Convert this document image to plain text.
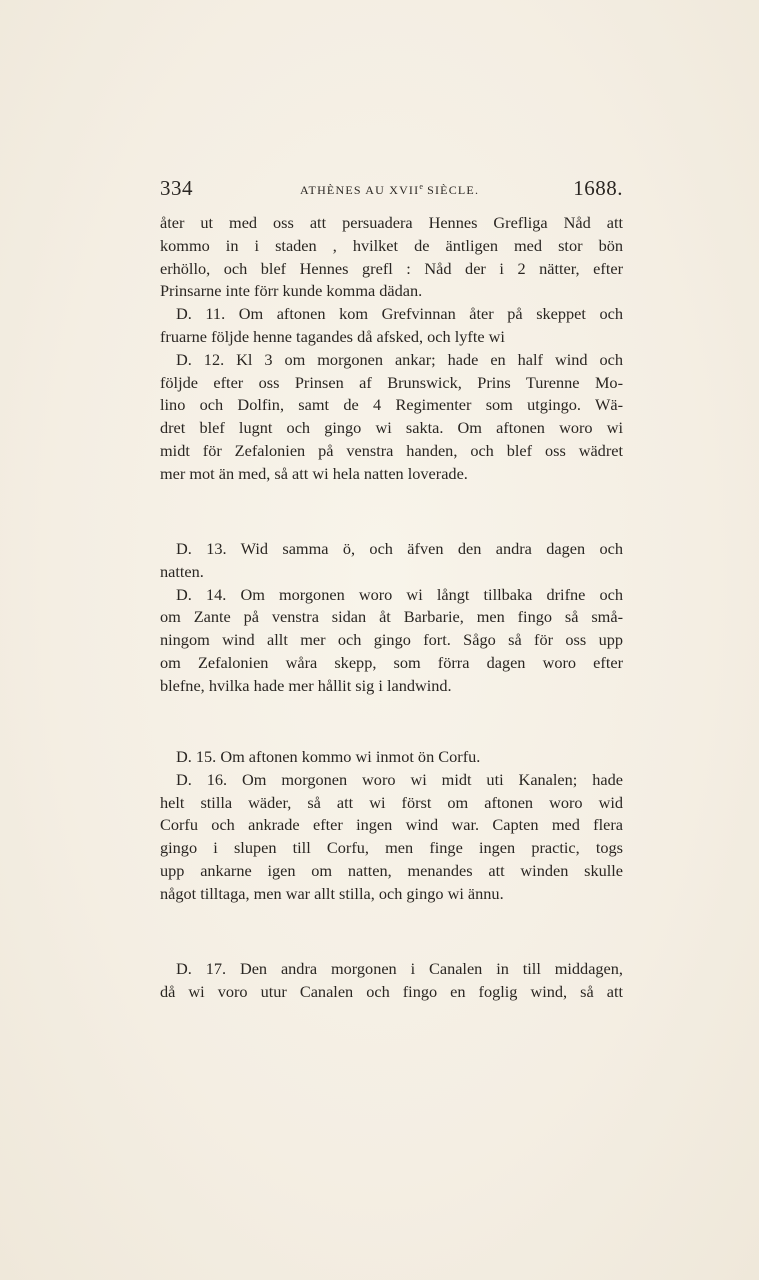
334	ATHÈNES AU XVIIe SIÈCLE.	1688.
åter ut med oss att persuadera Hennes Grefliga Nåd att
kommo in i staden , hvilket de äntligen med stor bön
erhöllo, och blef Hennes grefl : Nåd der i 2 nätter, efter
Prinsarne inte förr kunde komma dädan.
D. 11. Om aftonen kom Grefvinnan åter på skeppet och
fruarne följde henne tagandes då afsked, och lyfte wi
D. 12. Kl 3 om morgonen ankar; hade en half wind och
följde efter oss Prinsen af Brunswick, Prins Turenne Mo-
lino och Dolfin, samt de 4 Regimenter som utgingo. Wä-
dret blef lugnt och gingo wi sakta. Om aftonen woro wi
midt för Zefalonien på venstra handen, och blef oss wädret
mer mot än med, så att wi hela natten loverade.
D. 13. Wid samma ö, och äfven den andra dagen och
natten.
D. 14. Om morgonen woro wi långt tillbaka drifne och
om Zante på venstra sidan åt Barbarie, men fingo så små-
ningom wind allt mer och gingo fort. Sågo så för oss upp
om Zefalonien wåra skepp, som förra dagen woro efter
blefne, hvilka hade mer hållit sig i landwind.
D. 15. Om aftonen kommo wi inmot ön Corfu.
D. 16. Om morgonen woro wi midt uti Kanalen; hade
helt stilla wäder, så att wi först om aftonen woro wid
Corfu och ankrade efter ingen wind war. Capten med flera
gingo i slupen till Corfu, men finge ingen practic, togs
upp ankarne igen om natten, menandes att winden skulle
något tilltaga, men war allt stilla, och gingo wi ännu.
D. 17. Den andra morgonen i Canalen in till middagen,
då wi voro utur Canalen och fingo en foglig wind, så att
